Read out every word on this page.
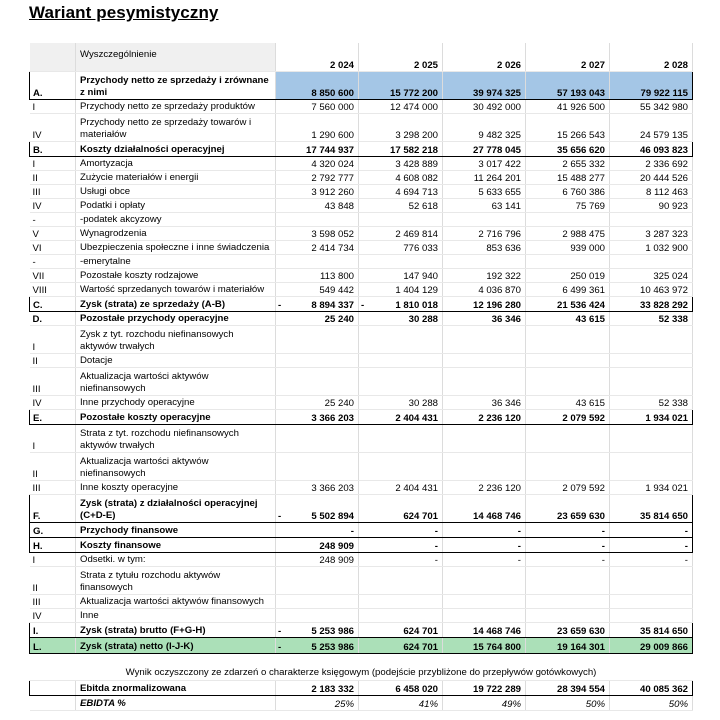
Wariant pesymistyczny
	Wyszczególnienie	2 024	2 025	2 026	2 027	2 028
A.	Przychody netto ze sprzedaży i zrównane z nimi	8 850 600	15 772 200	39 974 325	57 193 043	79 922 115
I	Przychody netto ze sprzedaży produktów	7 560 000	12 474 000	30 492 000	41 926 500	55 342 980
IV	Przychody netto ze sprzedaży towarów i materiałów	1 290 600	3 298 200	9 482 325	15 266 543	24 579 135
B.	Koszty działalności operacyjnej	17 744 937	17 582 218	27 778 045	35 656 620	46 093 823
I	Amortyzacja	4 320 024	3 428 889	3 017 422	2 655 332	2 336 692
II	Zużycie materiałów i energii	2 792 777	4 608 082	11 264 201	15 488 277	20 444 526
III	Usługi obce	3 912 260	4 694 713	5 633 655	6 760 386	8 112 463
IV	Podatki i opłaty	43 848	52 618	63 141	75 769	90 923
-	-podatek akcyzowy					
V	Wynagrodzenia	3 598 052	2 469 814	2 716 796	2 988 475	3 287 323
VI	Ubezpieczenia społeczne i inne świadczenia	2 414 734	776 033	853 636	939 000	1 032 900
-	-emerytalne					
VII	Pozostałe koszty rodzajowe	113 800	147 940	192 322	250 019	325 024
VIII	Wartość sprzedanych towarów i materiałów	549 442	1 404 129	4 036 870	6 499 361	10 463 972
C.	Zysk (strata) ze sprzedaży (A-B)	- 8 894 337	- 1 810 018	12 196 280	21 536 424	33 828 292
D.	Pozostałe przychody operacyjne	25 240	30 288	36 346	43 615	52 338
I	Zysk z tyt. rozchodu niefinansowych aktywów trwałych					
II	Dotacje					
III	Aktualizacja wartości aktywów niefinansowych					
IV	Inne przychody operacyjne	25 240	30 288	36 346	43 615	52 338
E.	Pozostałe koszty operacyjne	3 366 203	2 404 431	2 236 120	2 079 592	1 934 021
I	Strata z tyt. rozchodu niefinansowych aktywów trwałych					
II	Aktualizacja wartości aktywów niefinansowych					
III	Inne koszty operacyjne	3 366 203	2 404 431	2 236 120	2 079 592	1 934 021
F.	Zysk (strata) z działalności operacyjnej (C+D-E)	- 5 502 894	624 701	14 468 746	23 659 630	35 814 650
G.	Przychody finansowe	-	-	-	-	-
H.	Koszty finansowe	248 909	-	-	-	-
I	Odsetki. w tym:	248 909	-	-	-	-
II	Strata z tytułu rozchodu aktywów finansowych					
III	Aktualizacja wartości aktywów finansowych					
IV	Inne					
I.	Zysk (strata) brutto (F+G-H)	- 5 253 986	624 701	14 468 746	23 659 630	35 814 650
L.	Zysk (strata) netto (I-J-K)	- 5 253 986	624 701	15 764 800	19 164 301	29 009 866

Wynik oczyszczony ze zdarzeń o charakterze księgowym (podejście przybliżone do przepływów gotówkowych)						
	Ebitda znormalizowana	2 183 332	6 458 020	19 722 289	28 394 554	40 085 362
	EBIDTA %	25%	41%	49%	50%	50%
